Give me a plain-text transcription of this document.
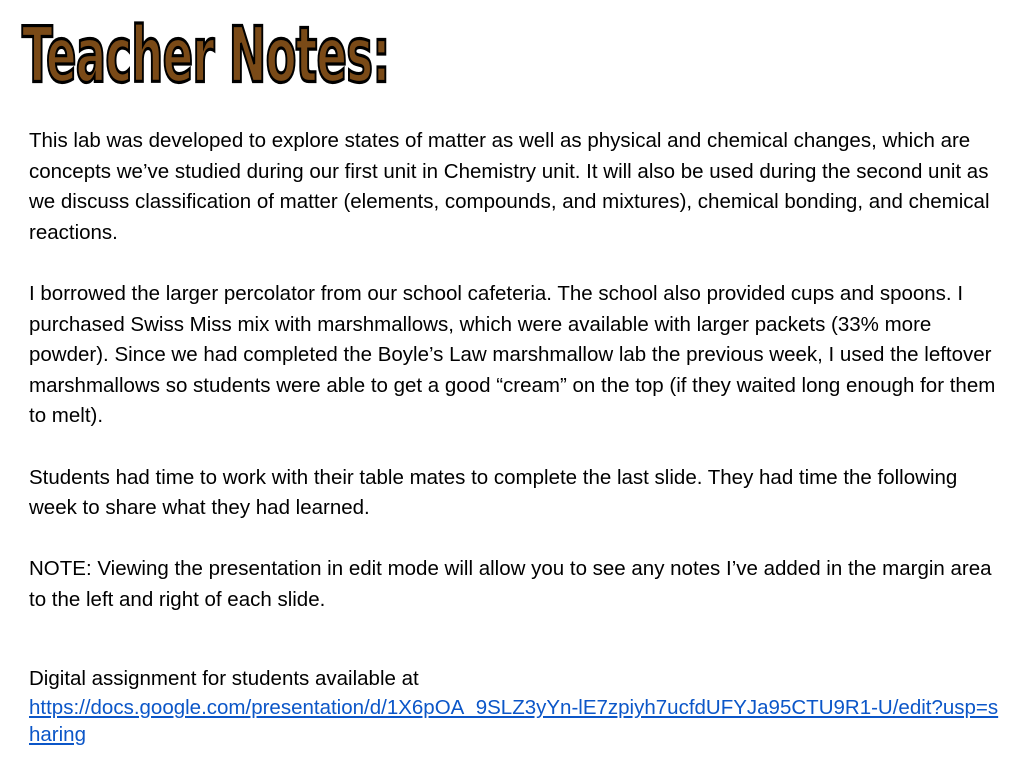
Teacher Notes:

This lab was developed to explore states of matter as well as physical and chemical changes, which are concepts we’ve studied during our first unit in Chemistry unit. It will also be used during the second unit as we discuss classification of matter (elements, compounds, and mixtures), chemical bonding, and chemical reactions.

I borrowed the larger percolator from our school cafeteria. The school also provided cups and spoons. I purchased Swiss Miss mix with marshmallows, which were available with larger packets (33% more powder). Since we had completed the Boyle’s Law marshmallow lab the previous week, I used the leftover marshmallows so students were able to get a good “cream” on the top (if they waited long enough for them to melt).

Students had time to work with their table mates to complete the last slide. They had time the following week to share what they had learned.

NOTE: Viewing the presentation in edit mode will allow you to see any notes I’ve added in the margin area to the left and right of each slide.

Digital assignment for students available at

https://docs.google.com/presentation/d/1X6pOA_9SLZ3yYn-lE7zpiyh7ucfdUFYJa95CTU9R1-U/edit?usp=sharing
